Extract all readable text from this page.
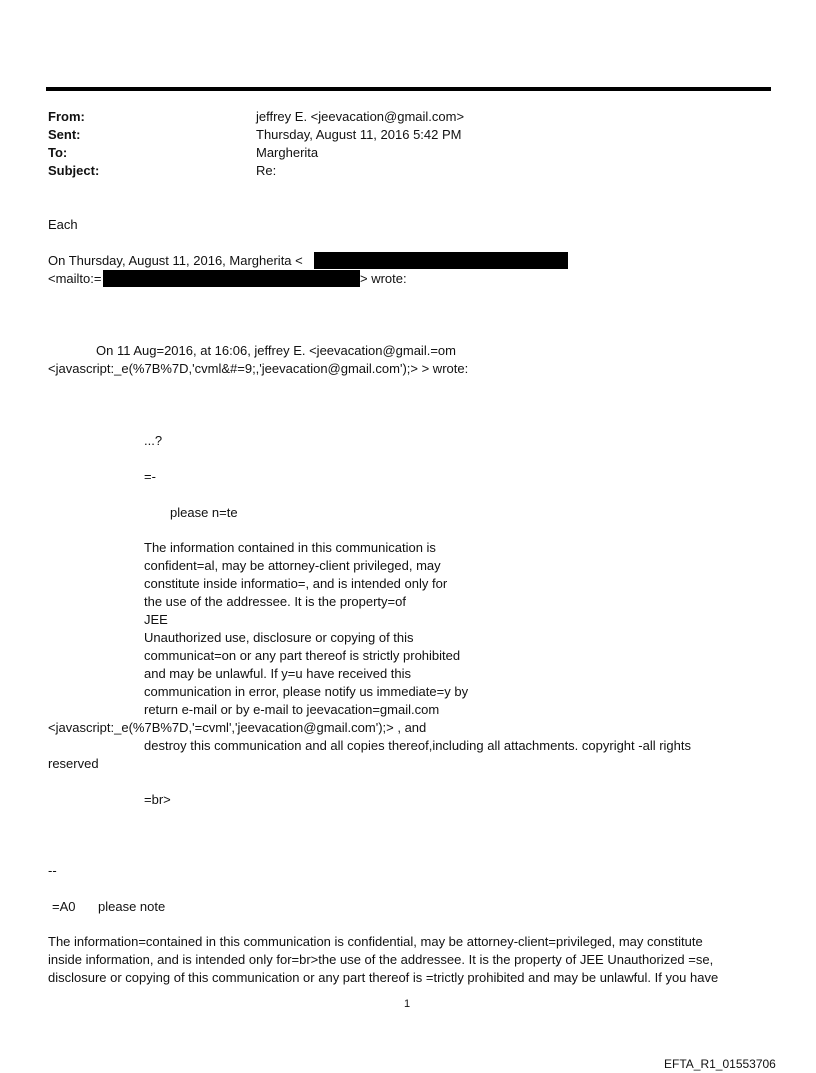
From:	jeffrey E. <jeevacation@gmail.com>
Sent:	Thursday, August 11, 2016 5:42 PM
To:	Margherita
Subject:	Re:
Each
On Thursday, August 11, 2016, Margherita <
<mailto:=	> wrote:
On 11 Aug=2016, at 16:06, jeffrey E. <jeevacation@gmail.=om
<javascript:_e(%7B%7D,'cvml&#=9;,'jeevacation@gmail.com');> > wrote:
...?
=-
please n=te
The information contained in this communication is
confident=al, may be attorney-client privileged, may
constitute inside informatio=, and is intended only for
the use of the addressee. It is the property=of
JEE
Unauthorized use, disclosure or copying of this
communicat=on or any part thereof is strictly prohibited
and may be unlawful. If y=u have received this
communication in error, please notify us immediate=y by
return e-mail or by e-mail to jeevacation=gmail.com
<javascript:_e(%7B%7D,'=cvml','jeevacation@gmail.com');> , and
destroy this communication and all copies thereof,including all attachments. copyright -all rights
reserved
=br>
--
=A0 please note
The information=contained in this communication is confidential, may be attorney-client=privileged, may constitute
inside information, and is intended only for=br>the use of the addressee. It is the property of JEE Unauthorized =se,
disclosure or copying of this communication or any part thereof is =trictly prohibited and may be unlawful. If you have
1
EFTA_R1_01553706
